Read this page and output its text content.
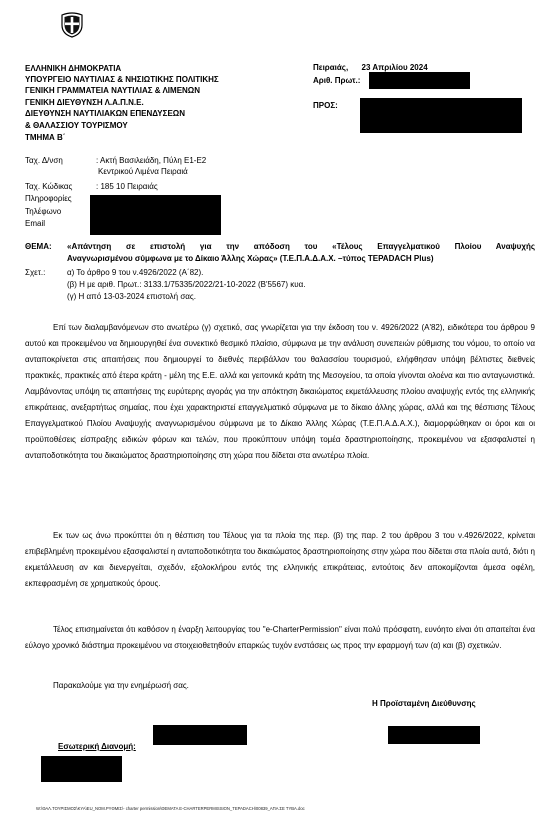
ΕΛΛΗΝΙΚΗ ΔΗΜΟΚΡΑΤΙΑ
ΥΠΟΥΡΓΕΙΟ ΝΑΥΤΙΛΙΑΣ & ΝΗΣΙΩΤΙΚΗΣ ΠΟΛΙΤΙΚΗΣ
ΓΕΝΙΚΗ ΓΡΑΜΜΑΤΕΙΑ ΝΑΥΤΙΛΙΑΣ & ΛΙΜΕΝΩΝ
ΓΕΝΙΚΗ ΔΙΕΥΘΥΝΣΗ Λ.Α.Π.Ν.Ε.
ΔΙΕΥΘΥΝΣΗ ΝΑΥΤΙΛΙΑΚΩΝ ΕΠΕΝΔΥΣΕΩΝ
& ΘΑΛΑΣΣΙΟΥ ΤΟΥΡΙΣΜΟΥ
ΤΜΗΜΑ Β΄
Πειραιάς,      23 Απριλίου 2024
Αριθ. Πρωτ.:
ΠΡΟΣ:
Ταχ. Δ/νση	: Ακτή Βασιλειάδη, Πύλη Ε1-Ε2
Κεντρικού Λιμένα Πειραιά
Ταχ. Κώδικας	: 185 10 Πειραιάς
Πληροφορίες
Τηλέφωνο
Email
ΘΕΜΑ: «Απάντηση σε επιστολή για την απόδοση του «Τέλους Επαγγελματικού Πλοίου Αναψυχής
Αναγνωρισμένου σύμφωνα με το Δίκαιο Άλλης Χώρας» (Τ.Ε.Π.Α.Δ.Α.Χ. –τύπος TEPADACH Plus)
Σχετ.:	α) Το άρθρο 9 του ν.4926/2022 (Α΄82).
(β) Η με αριθ. Πρωτ.: 3133.1/75335/2022/21-10-2022 (Β'5567) κυα.
(γ) Η από 13-03-2024 επιστολή σας.

Επί των διαλαμβανόμενων στο ανωτέρω (γ) σχετικό, σας γνωρίζεται για την έκδοση του ν. 4926/2022 (Α'82), ειδικότερα του άρθρου 9 αυτού και προκειμένου να δημιουργηθεί ένα συνεκτικό θεσμικό πλαίσιο, σύμφωνα με την ανάλυση συνεπειών ρύθμισης του νόμου, το οποίο να ανταποκρίνεται στις απαιτήσεις που δημιουργεί το διεθνές περιβάλλον του θαλασσίου τουρισμού, ελήφθησαν υπόψη βέλτιστες διεθνείς πρακτικές, πρακτικές από έτερα κράτη - μέλη της Ε.Ε. αλλά και γειτονικά κράτη της Μεσογείου, τα οποία γίνονται ολοένα και πιο ανταγωνιστικά. Λαμβάνοντας υπόψη τις απαιτήσεις της ευρύτερης αγοράς για την απόκτηση δικαιώματος εκμετάλλευσης πλοίου αναψυχής εντός της ελληνικής επικράτειας, ανεξαρτήτως σημαίας, που έχει χαρακτηριστεί επαγγελματικό σύμφωνα με το δίκαιο άλλης χώρας, αλλά και της θέσπισης Τέλους Επαγγελματικού Πλοίου Αναψυχής αναγνωρισμένου σύμφωνα με το Δίκαιο Άλλης Χώρας (Τ.Ε.Π.Α.Δ.Α.Χ.), διαμορφώθηκαν οι όροι και οι προϋποθέσεις είσπραξης ειδικών φόρων και τελών, που προκύπτουν υπόψη τομέα δραστηριοποίησης, προκειμένου να εξασφαλιστεί η ανταποδοτικότητα του δικαιώματος δραστηριοποίησης στη χώρα που δίδεται στα ανωτέρω πλοία.

Εκ των ως άνω προκύπτει ότι η θέσπιση του Τέλους για τα πλοία της περ. (β) της παρ. 2 του άρθρου 3 του ν.4926/2022, κρίνεται επιβεβλημένη προκειμένου εξασφαλιστεί η ανταποδοτικότητα του δικαιώματος δραστηριοποίησης στην χώρα που δίδεται στα πλοία αυτά, διότι η εκμετάλλευση αν και διενεργείται, σχεδόν, εξολοκλήρου εντός της ελληνικής επικράτειας, εντούτοις δεν αποκομίζονται άμεσα οφέλη, εκπεφρασμένη σε χρηματικούς όρους.

Τέλος επισημαίνεται ότι καθόσον η έναρξη λειτουργίας του "e-CharterPermission" είναι πολύ πρόσφατη, ευνόητο είναι ότι απαιτείται ένα εύλογο χρονικό διάστημα προκειμένου να στοιχειοθετηθούν επαρκώς τυχόν ενστάσεις ως προς την εφαρμογή των (α) και (β) σχετικών.

Παρακαλούμε για την ενημέρωσή σας.

Η Προϊσταμένη Διεύθυνσης
Εσωτερική Διανομή:
W:\ΘΑΛ.ΤΟΥΡΙΣΜΟΣ\ΚΥΑ\EU_NOM.PYΘMIΣ\- charter permission\ΘΕΜΑΤΑ E-CHARTERPERMISSION_TEPADACH\00839_ΑΠΑ ΣΕ ΤYBA.doc
